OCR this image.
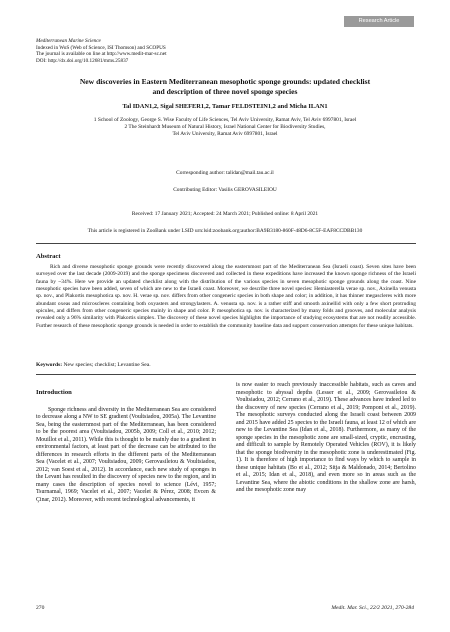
Research Article
Mediterranean Marine Science
Indexed in WoS (Web of Science, ISI Thomson) and SCOPUS
The journal is available on line at http://www.medit-mar-sc.net
DOI: http://dx.doi.org/10.12681/mms.25837
New discoveries in Eastern Mediterranean mesophotic sponge grounds: updated checklist
and description of three novel sponge species
Tal IDAN1,2, Sigal SHEFER1,2, Tamar FELDSTEIN1,2 and Micha ILAN1
1 School of Zoology, George S. Wise Faculty of Life Sciences, Tel Aviv University, Ramat Aviv, Tel Aviv 6997801, Israel
2 The Steinhardt Museum of Natural History, Israel National Center for Biodiversity Studies,
Tel Aviv University, Ramat Aviv 6997801, Israel
Corresponding author: talidan@mail.tau.ac.il
Contributing Editor: Vasilis GEROVASILEIOU
Received: 17 January 2021; Accepted: 24 March 2021; Published online: 8 April 2021
This article is registered in ZooBank under LSID urn:lsid:zoobank.org:author:BA9B3180-860F-48D6-8C5F-EAF8CCDBB130
Abstract
Rich and diverse mesophotic sponge grounds were recently discovered along the easternmost part of the Mediterranean Sea (Israeli coast). Seven sites have been surveyed over the last decade (2009-2019) and the sponge specimens discovered and collected in these expeditions have increased the known sponge richness of the Israeli fauna by ~34%. Here we provide an updated checklist along with the distribution of the various species in seven mesophotic sponge grounds along the coast. Nine mesophotic species have been added, seven of which are new to the Israeli coast. Moreover, we describe three novel species: Hemiasterella verae sp. nov., Axinella venusta sp. nov., and Plakortis mesophotica sp. nov. H. verae sp. nov. differs from other congeneric species in both shape and color; in addition, it has thinner megascleres with more abundant oxeas and microscleres containing both oxyasters and strongylasters. A. venusta sp. nov. is a rather stiff and smooth axinellid with only a few short protruding spicules, and differs from other congeneric species mainly in shape and color. P. mesophotica sp. nov. is characterized by many folds and grooves, and molecular analysis revealed only a 96% similarity with Plakortis simplex. The discovery of these novel species highlights the importance of studying ecosystems that are not readily accessible. Further research of these mesophotic sponge grounds is needed in order to establish the community baseline data and support conservation attempts for these unique habitats.
Keywords: New species; checklist; Levantine Sea.
Introduction
Sponge richness and diversity in the Mediterranean Sea are considered to decrease along a NW to SE gradient (Voultsiadou, 2005a). The Levantine Sea, being the easternmost part of the Mediterranean, has been considered to be the poorest area (Voultsiadou, 2005b, 2009; Coll et al., 2010; 2012; Mouillot et al., 2011). While this is thought to be mainly due to a gradient in environmental factors, at least part of the decrease can be attributed to the differences in research efforts in the different parts of the Mediterranean Sea (Vacelet et al., 2007; Voultsiadou, 2009; Gerovasileiou & Voultsiadou, 2012; van Soest et al., 2012). In accordance, each new study of sponges in the Levant has resulted in the discovery of species new to the region, and in many cases the description of species novel to science (Lévi, 1957; Tsurnamal, 1969; Vacelet et al., 2007; Vacelet & Pérez, 2008; Evcen & Çinar, 2012). Moreover, with recent technological advancements, it
is now easier to reach previously inaccessible habitats, such as caves and mesophotic to abyssal depths (Lesser et al., 2009; Gerovasileiou & Voultsiadou, 2012; Cerrano et al., 2019). These advances have indeed led to the discovery of new species (Cerrano et al., 2019; Pomponi et al., 2019). The mesophotic surveys conducted along the Israeli coast between 2009 and 2015 have added 25 species to the Israeli fauna, at least 12 of which are new to the Levantine Sea (Idan et al., 2018). Furthermore, as many of the sponge species in the mesophotic zone are small-sized, cryptic, encrusting, and difficult to sample by Remotely Operated Vehicles (ROV), it is likely that the sponge biodiversity in the mesophotic zone is underestimated (Fig. 1). It is therefore of high importance to find ways by which to sample in these unique habitats (Bo et al., 2012; Sitja & Maldonado, 2014; Bertolino et al., 2015; Idan et al., 2018), and even more so in areas such as the Levantine Sea, where the abiotic conditions in the shallow zone are harsh, and the mesophotic zone may
270	Medit. Mar. Sci., 22/2 2021, 270-284
